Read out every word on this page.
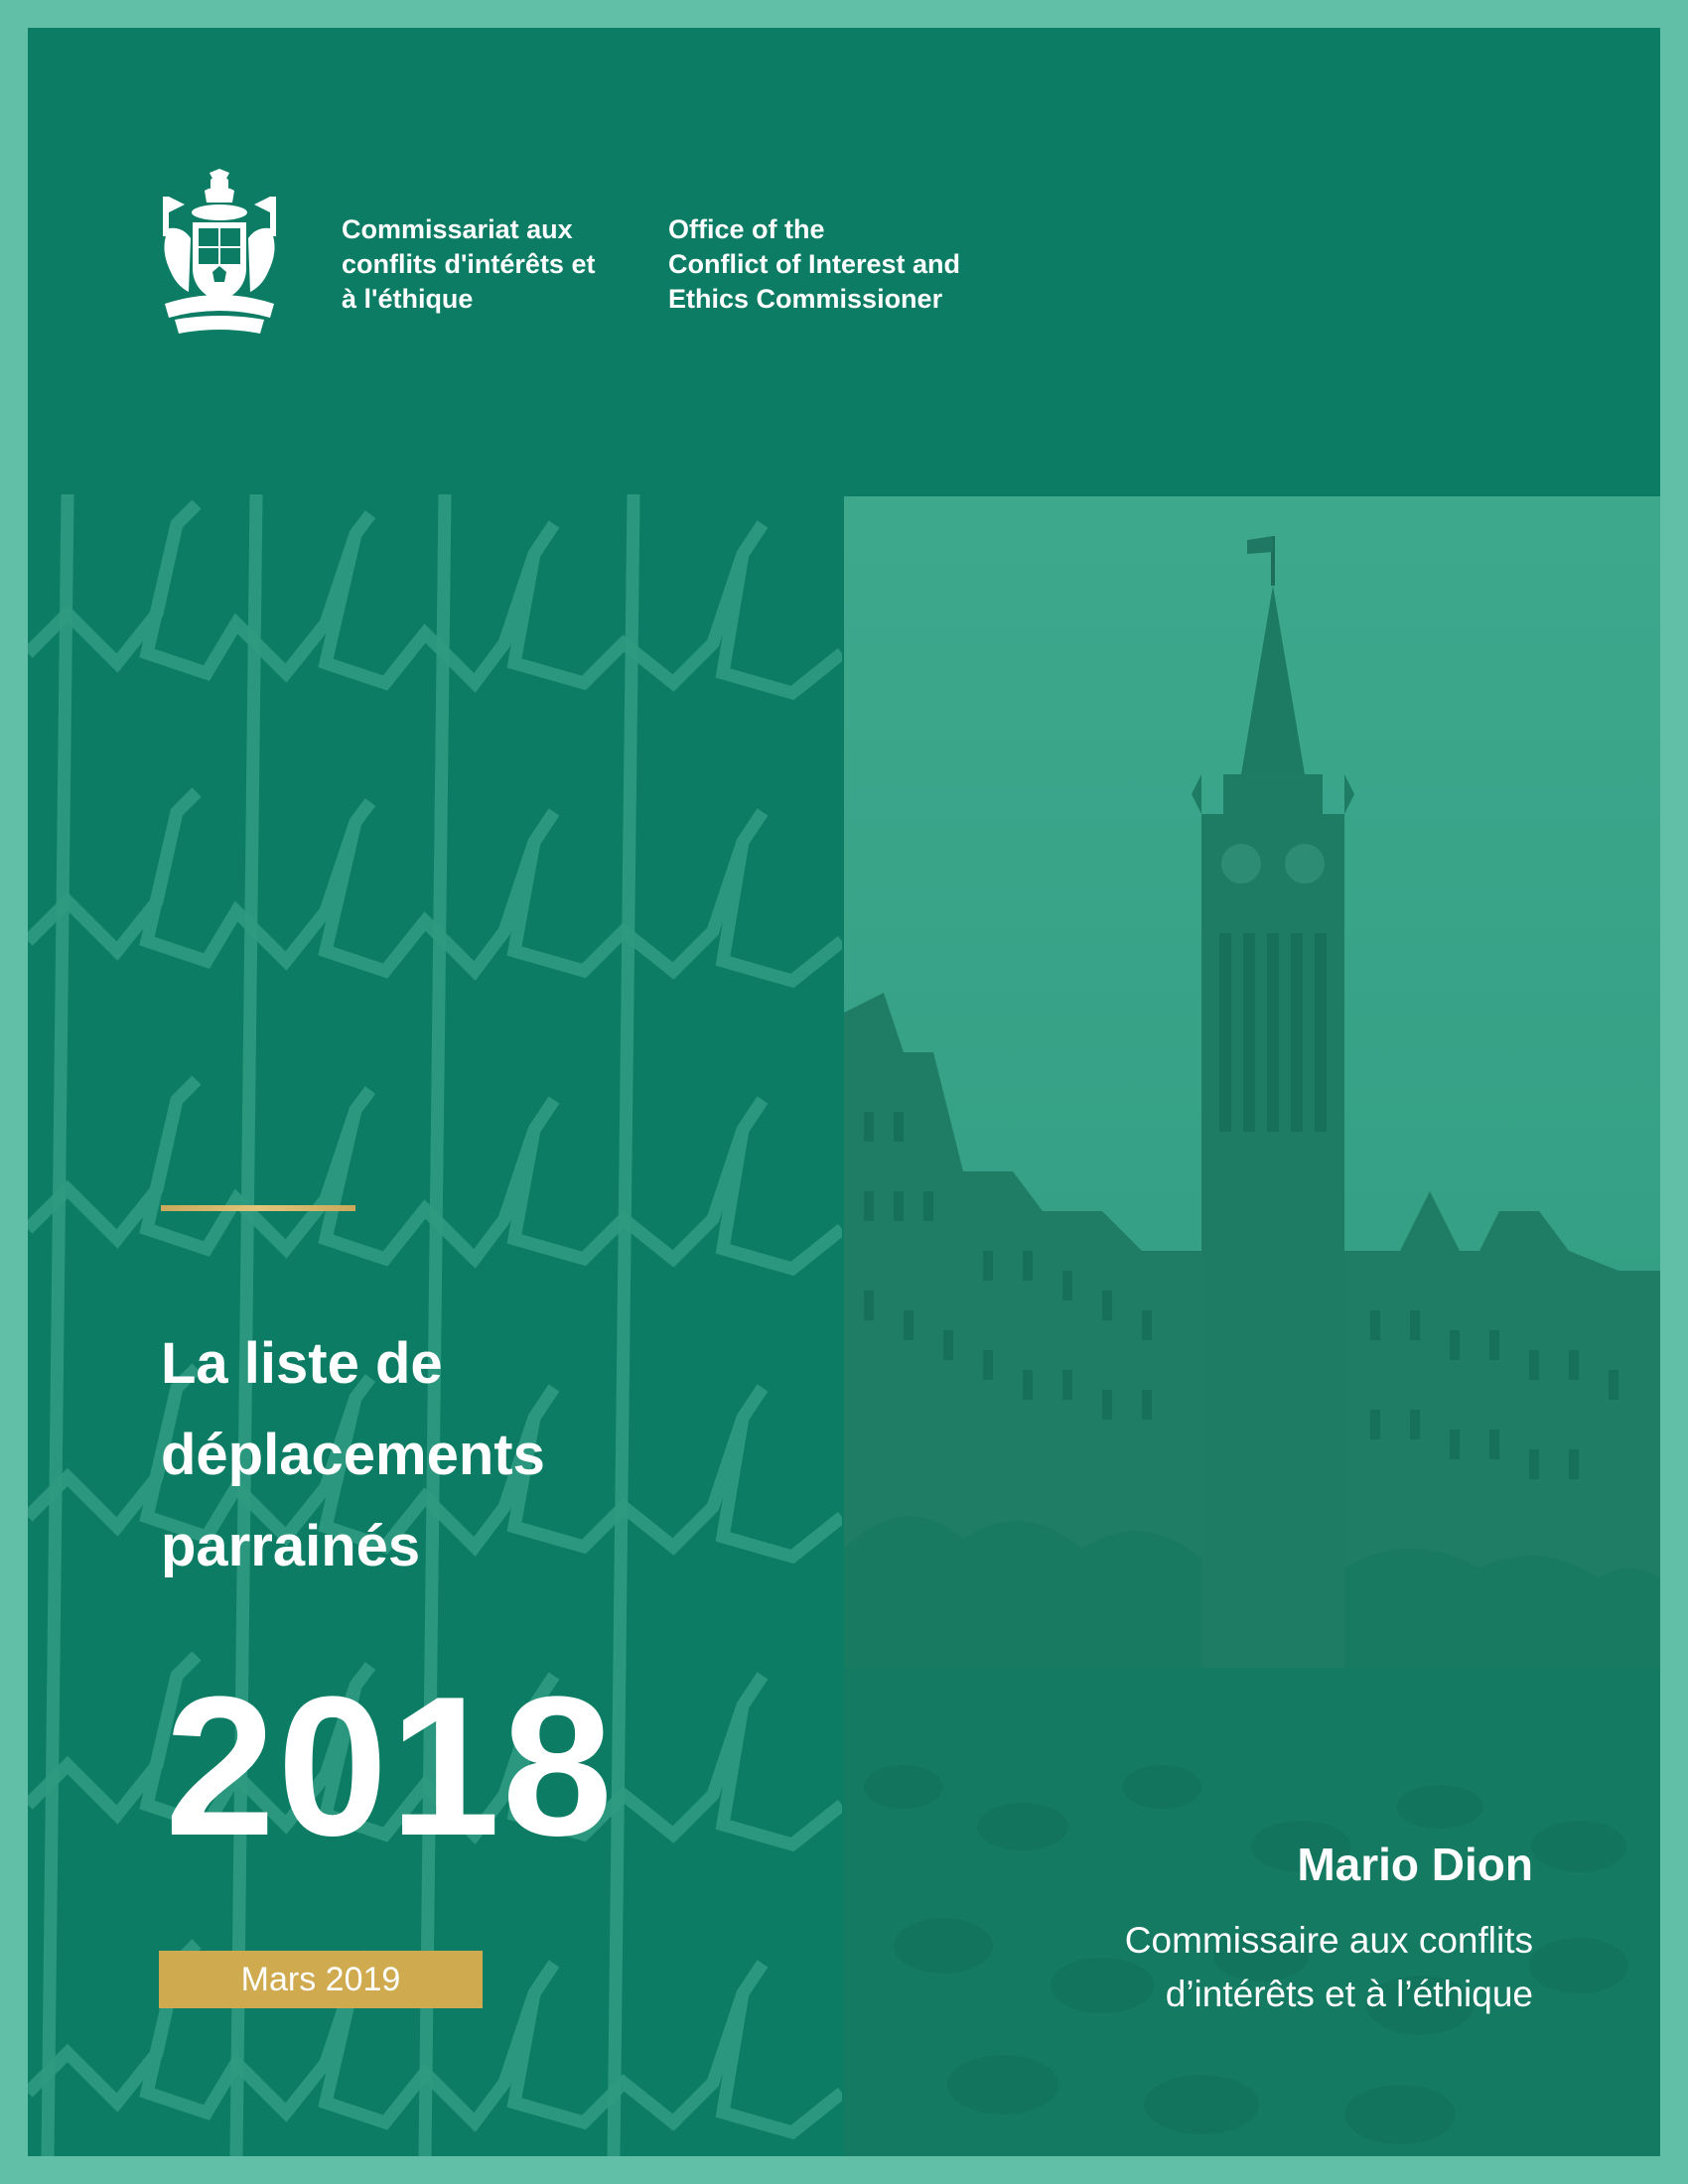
Commissariat aux
conflits d'intérêts et
à l'éthique
Office of the
Conflict of Interest and
Ethics Commissioner
La liste de
déplacements
parrainés
2018
Mars 2019
Mario Dion
Commissaire aux conflits
d’intérêts et à l’éthique
